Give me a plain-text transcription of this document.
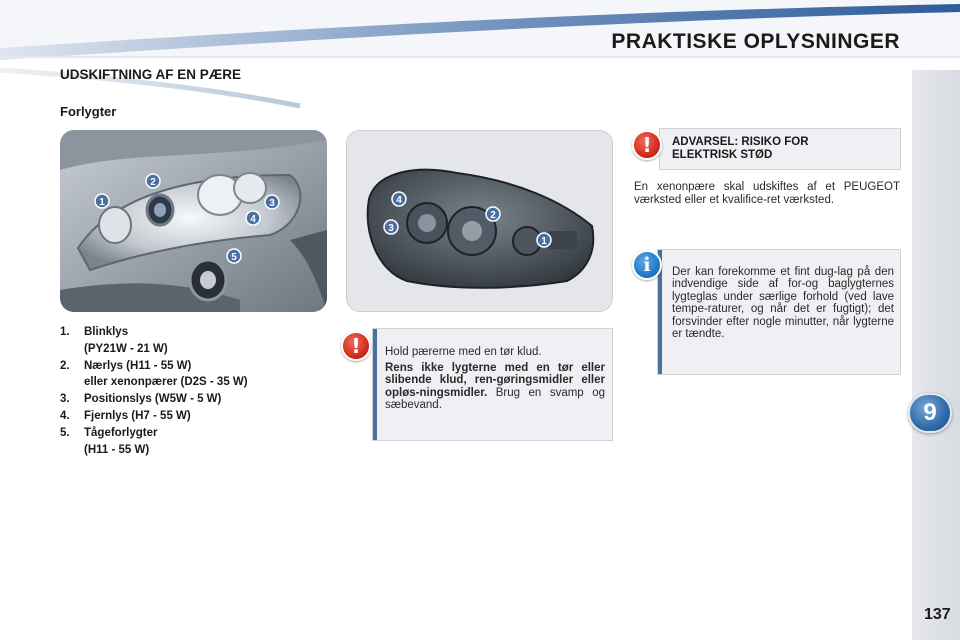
PRAKTISKE OPLYSNINGER
UDSKIFTNING AF EN PÆRE
Forlygter
9
1
2
3
4
5
4
2
3
1
1. Blinklys
(PY21W - 21 W)
2. Nærlys (H11 - 55 W)
eller xenonpærer (D2S - 35 W)
3. Positionslys (W5W - 5 W)
4. Fjernlys (H7 - 55 W)
5. Tågeforlygter
(H11 - 55 W)
Hold pærerne med en tør klud.
Rens ikke lygterne med en tør eller slibende klud, ren-gøringsmidler eller opløs-ningsmidler. Brug en svamp og sæbevand.
!
ADVARSEL: RISIKO FOR
ELEKTRISK STØD
!
En xenonpære skal udskiftes af et PEUGEOT værksted eller et kvalifice-ret værksted.
Der kan forekomme et fint dug-lag på den indvendige side af for-og baglygternes lygteglas under særlige forhold (ved lave tempe-raturer, og når det er fugtigt); det forsvinder efter nogle minutter, når lygterne er tændte.
i
137
